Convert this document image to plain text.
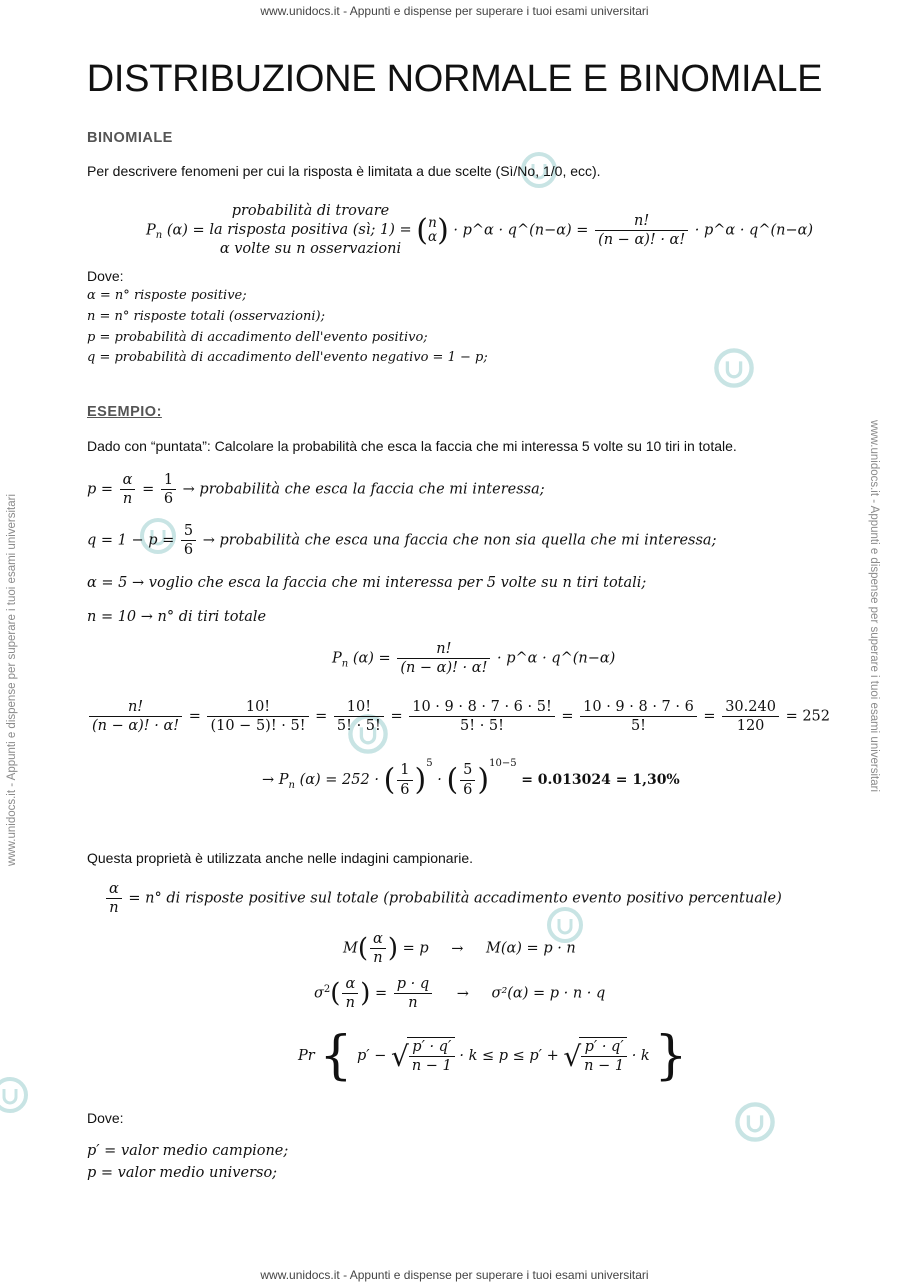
www.unidocs.it - Appunti e dispense per superare i tuoi esami universitari
www.unidocs.it - Appunti e dispense per superare i tuoi esami universitari
www.unidocs.it - Appunti e dispense per superare i tuoi esami universitari	www.unidocs.it - Appunti e dispense per superare i tuoi esami universitari
DISTRIBUZIONE NORMALE E BINOMIALE
BINOMIALE
Per descrivere fenomeni per cui la risposta è limitata a due scelte (Sì/No, 1/0, ecc).
$P_n$ (α) =
probabilità di trovare
la risposta positiva (sì; 1) =
α volte su n osservazioni
( n
α ) · p^α · q^(n−α) = $\frac{n!}{(n - \alpha)! \cdot \alpha!}$ · p^α · q^(n−α)
Dove:
α = n° risposte positive;
n = n° risposte totali (osservazioni);
p = probabilità di accadimento dell'evento positivo;
q = probabilità di accadimento dell'evento negativo = 1 − p;
ESEMPIO:
Dado con “puntata”: Calcolare la probabilità che esca la faccia che mi interessa 5 volte su 10 tiri in totale.
$p = \frac{\alpha}{n} = \frac{1}{6}$ → probabilità che esca la faccia che mi interessa;
$q = 1 - p = \frac{5}{6}$ → probabilità che esca una faccia che non sia quella che mi interessa;
α = 5 → voglio che esca la faccia che mi interessa per 5 volte su n tiri totali;
n = 10 → n° di tiri totale
$P_n$ $(\alpha) = \frac{n!}{(n - \alpha)! \cdot \alpha!}$ · p^α · q^(n−α)
$\frac{n!}{(n - \alpha)! \cdot \alpha!} = \frac{10!}{(10 - 5)! \cdot 5!} = \frac{10!}{5! \cdot 5!} = \frac{10 \cdot 9 \cdot 8 \cdot 7 \cdot 6 \cdot 5!}{5! \cdot 5!} = \frac{10 \cdot 9 \cdot 8 \cdot 7 \cdot 6}{5!} = \frac{30.240}{120} = 252$
→ $P_n$ (α) = 252 · ( $\frac{1}{6} )^5$ · ( $\frac{5}{6} )^{10-5} = 0.013024 = 1,30\%$
Questa proprietà è utilizzata anche nelle indagini campionarie.
$\frac{\alpha}{n} = n^\circ$ di risposte positive sul totale (probabilità accadimento evento positivo percentuale)
$M( \frac{\alpha}{n}$ ) = p → M(α) = p · n
$\sigma^2( \frac{\alpha}{n}$ ) = $\frac{p \cdot q}{n} \to \sigma^2(\alpha) = p \cdot n \cdot q$
Pr { p′ − √ $\frac{p' \cdot q'}{n - 1} \cdot k \le p \le p'$ + √ $\frac{p' \cdot q'}{n - 1} \cdot k$ }
Dove:
p′ = valor medio campione;
p = valor medio universo;
